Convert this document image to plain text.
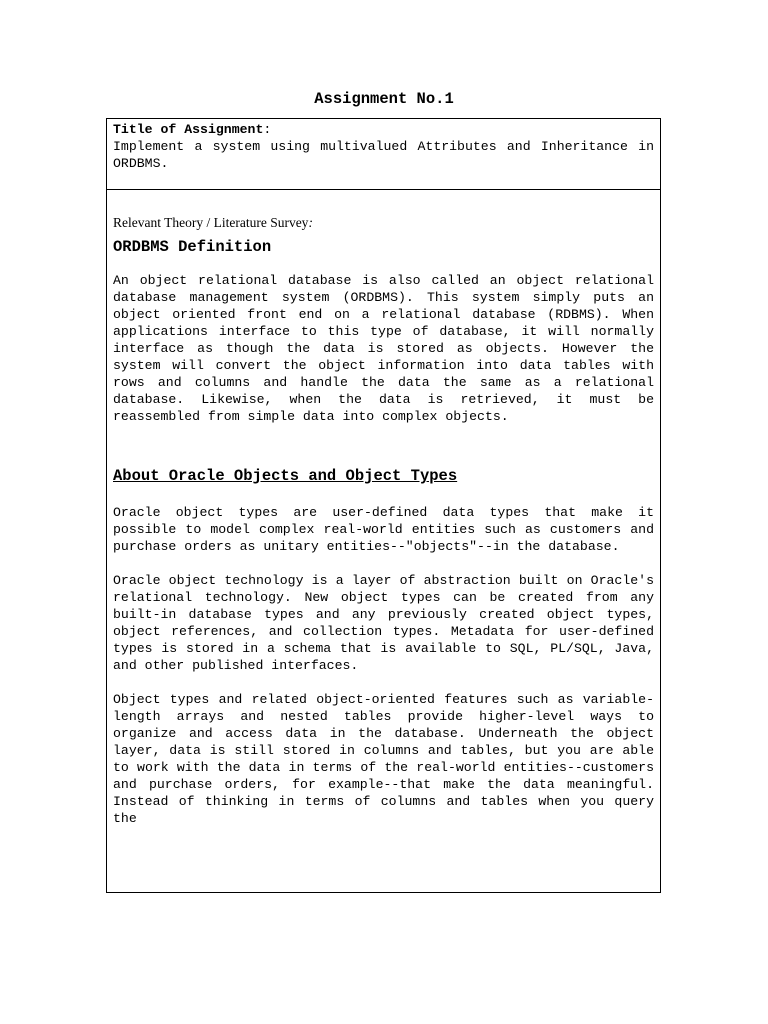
Assignment No.1
Title of Assignment:

Implement a system using multivalued Attributes and Inheritance in ORDBMS.

Relevant Theory / Literature Survey:
ORDBMS Definition

An object relational database is also called an object relational database management system (ORDBMS). This system simply puts an object oriented front end on a relational database (RDBMS). When applications interface to this type of database, it will normally interface as though the data is stored as objects. However the system will convert the object information into data tables with rows and columns and handle the data the same as a relational database. Likewise, when the data is retrieved, it must be reassembled from simple data into complex objects.

About Oracle Objects and Object Types

Oracle object types are user-defined data types that make it possible to model complex real-world entities such as customers and purchase orders as unitary entities--"objects"--in the database.

Oracle object technology is a layer of abstraction built on Oracle's relational technology. New object types can be created from any built-in database types and any previously created object types, object references, and collection types. Metadata for user-defined types is stored in a schema that is available to SQL, PL/SQL, Java, and other published interfaces.

Object types and related object-oriented features such as variable-length arrays and nested tables provide higher-level ways to organize and access data in the database. Underneath the object layer, data is still stored in columns and tables, but you are able to work with the data in terms of the real-world entities--customers and purchase orders, for example--that make the data meaningful. Instead of thinking in terms of columns and tables when you query the
